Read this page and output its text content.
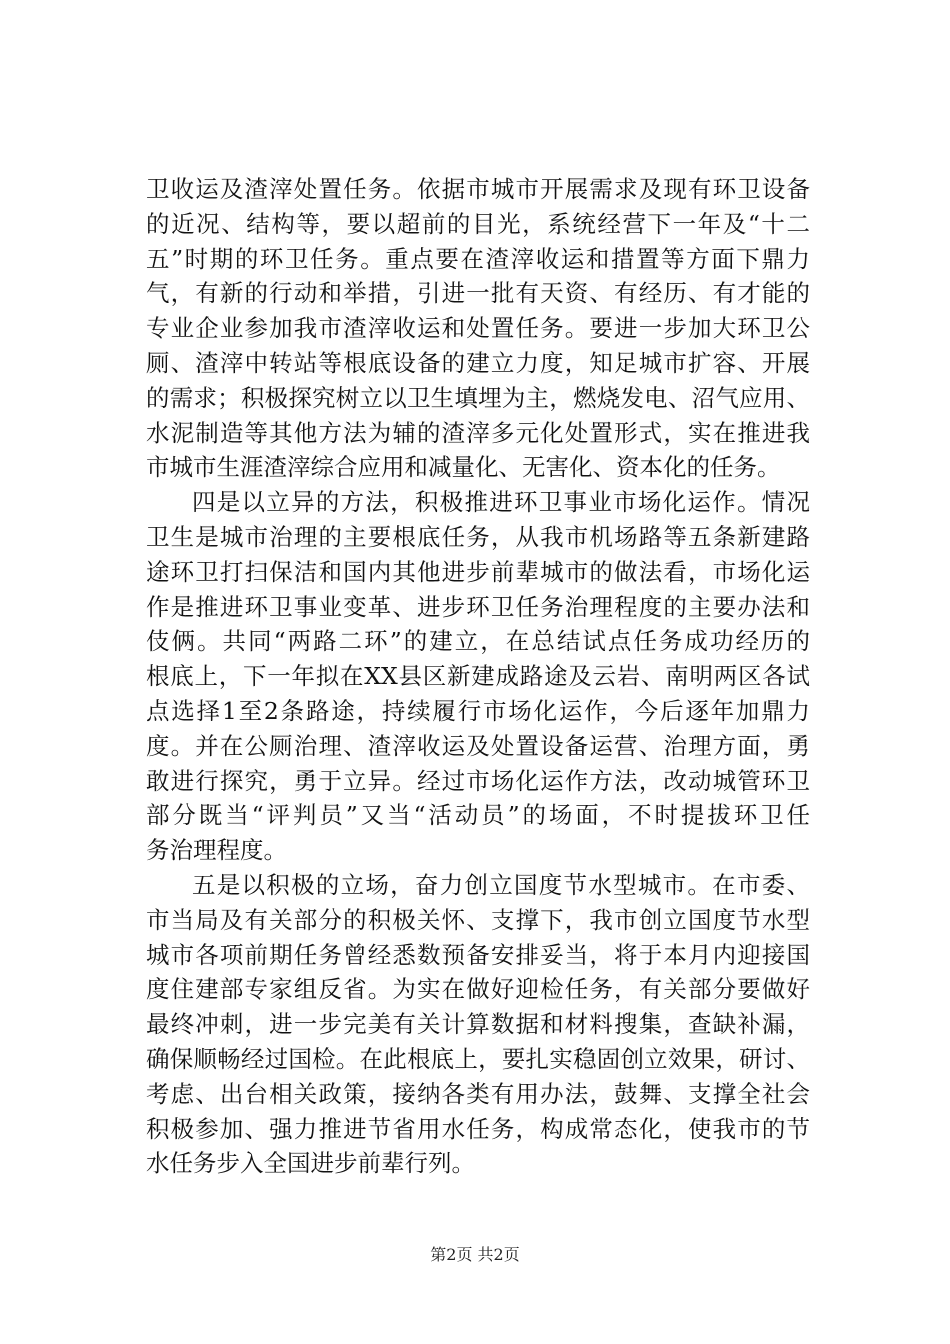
卫收运及渣滓处置任务。依据市城市开展需求及现有环卫设备
的近况、结构等，要以超前的目光，系统经营下一年及“十二
五”时期的环卫任务。重点要在渣滓收运和措置等方面下鼎力
气，有新的行动和举措，引进一批有天资、有经历、有才能的
专业企业参加我市渣滓收运和处置任务。要进一步加大环卫公
厕、渣滓中转站等根底设备的建立力度，知足城市扩容、开展
的需求；积极探究树立以卫生填埋为主，燃烧发电、沼气应用、
水泥制造等其他方法为辅的渣滓多元化处置形式，实在推进我
市城市生涯渣滓综合应用和减量化、无害化、资本化的任务。
四是以立异的方法，积极推进环卫事业市场化运作。情况
卫生是城市治理的主要根底任务，从我市机场路等五条新建路
途环卫打扫保洁和国内其他进步前辈城市的做法看，市场化运
作是推进环卫事业变革、进步环卫任务治理程度的主要办法和
伎俩。共同“两路二环”的建立，在总结试点任务成功经历的
根底上，下一年拟在XX县区新建成路途及云岩、南明两区各试
点选择1至2条路途，持续履行市场化运作，今后逐年加鼎力
度。并在公厕治理、渣滓收运及处置设备运营、治理方面，勇
敢进行探究，勇于立异。经过市场化运作方法，改动城管环卫
部分既当“评判员”又当“活动员”的场面，不时提拔环卫任
务治理程度。
五是以积极的立场，奋力创立国度节水型城市。在市委、
市当局及有关部分的积极关怀、支撑下，我市创立国度节水型
城市各项前期任务曾经悉数预备安排妥当，将于本月内迎接国
度住建部专家组反省。为实在做好迎检任务，有关部分要做好
最终冲刺，进一步完美有关计算数据和材料搜集，查缺补漏，
确保顺畅经过国检。在此根底上，要扎实稳固创立效果，研讨、
考虑、出台相关政策，接纳各类有用办法，鼓舞、支撑全社会
积极参加、强力推进节省用水任务，构成常态化，使我市的节
水任务步入全国进步前辈行列。
第2页 共2页
